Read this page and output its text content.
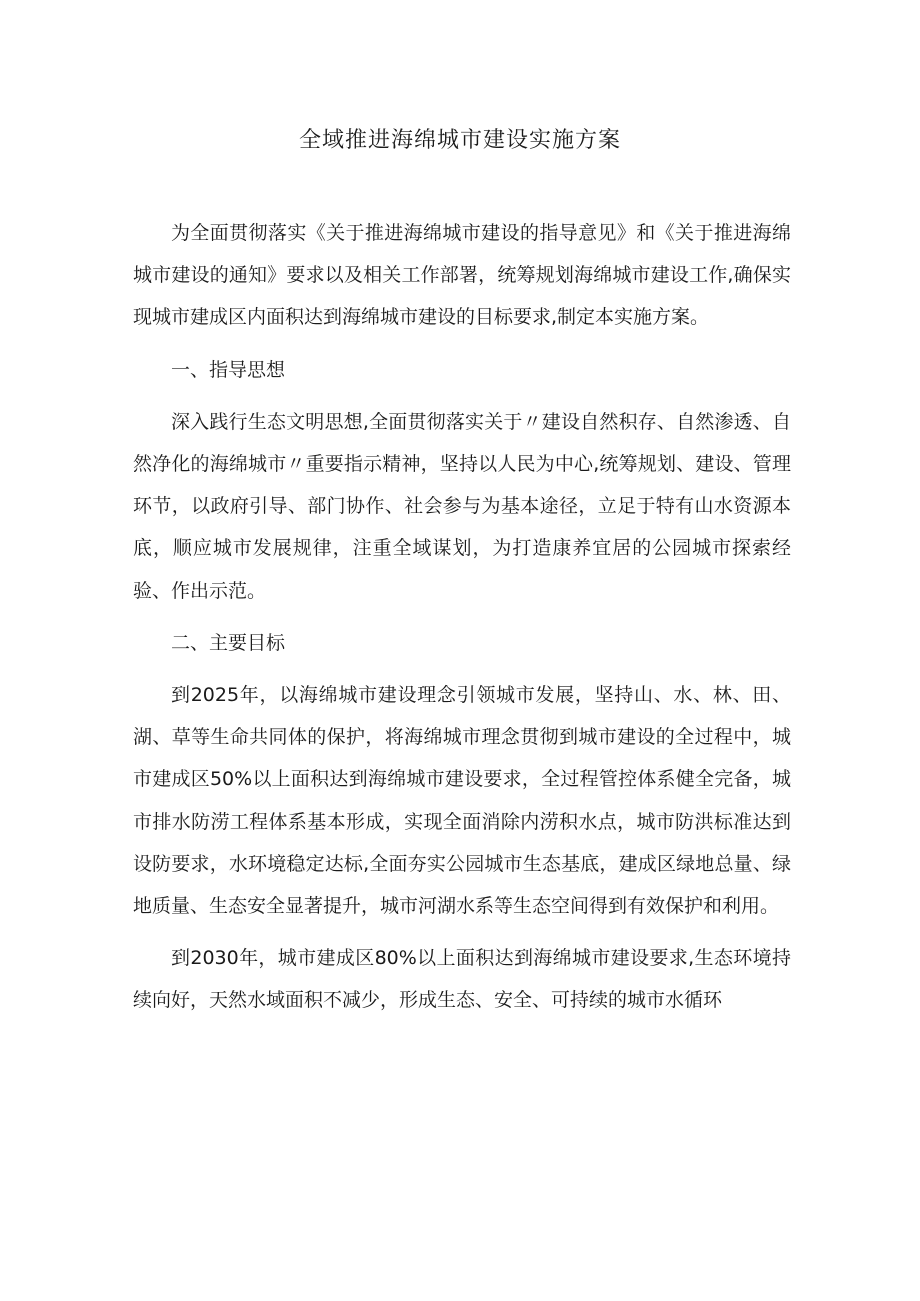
全域推进海绵城市建设实施方案

为全面贯彻落实《关于推进海绵城市建设的指导意见》和《关于推进海绵城市建设的通知》要求以及相关工作部署，统筹规划海绵城市建设工作,确保实现城市建成区内面积达到海绵城市建设的目标要求,制定本实施方案。

一、指导思想

深入践行生态文明思想,全面贯彻落实关于〃建设自然积存、自然渗透、自然净化的海绵城市〃重要指示精神，坚持以人民为中心,统筹规划、建设、管理环节，以政府引导、部门协作、社会参与为基本途径，立足于特有山水资源本底，顺应城市发展规律，注重全域谋划，为打造康养宜居的公园城市探索经验、作出示范。

二、主要目标

到2025年，以海绵城市建设理念引领城市发展，坚持山、水、林、田、湖、草等生命共同体的保护，将海绵城市理念贯彻到城市建设的全过程中，城市建成区50%以上面积达到海绵城市建设要求，全过程管控体系健全完备，城市排水防涝工程体系基本形成，实现全面消除内涝积水点，城市防洪标准达到设防要求，水环境稳定达标,全面夯实公园城市生态基底，建成区绿地总量、绿地质量、生态安全显著提升，城市河湖水系等生态空间得到有效保护和利用。

到2030年，城市建成区80%以上面积达到海绵城市建设要求,生态环境持续向好，天然水域面积不减少，形成生态、安全、可持续的城市水循环
